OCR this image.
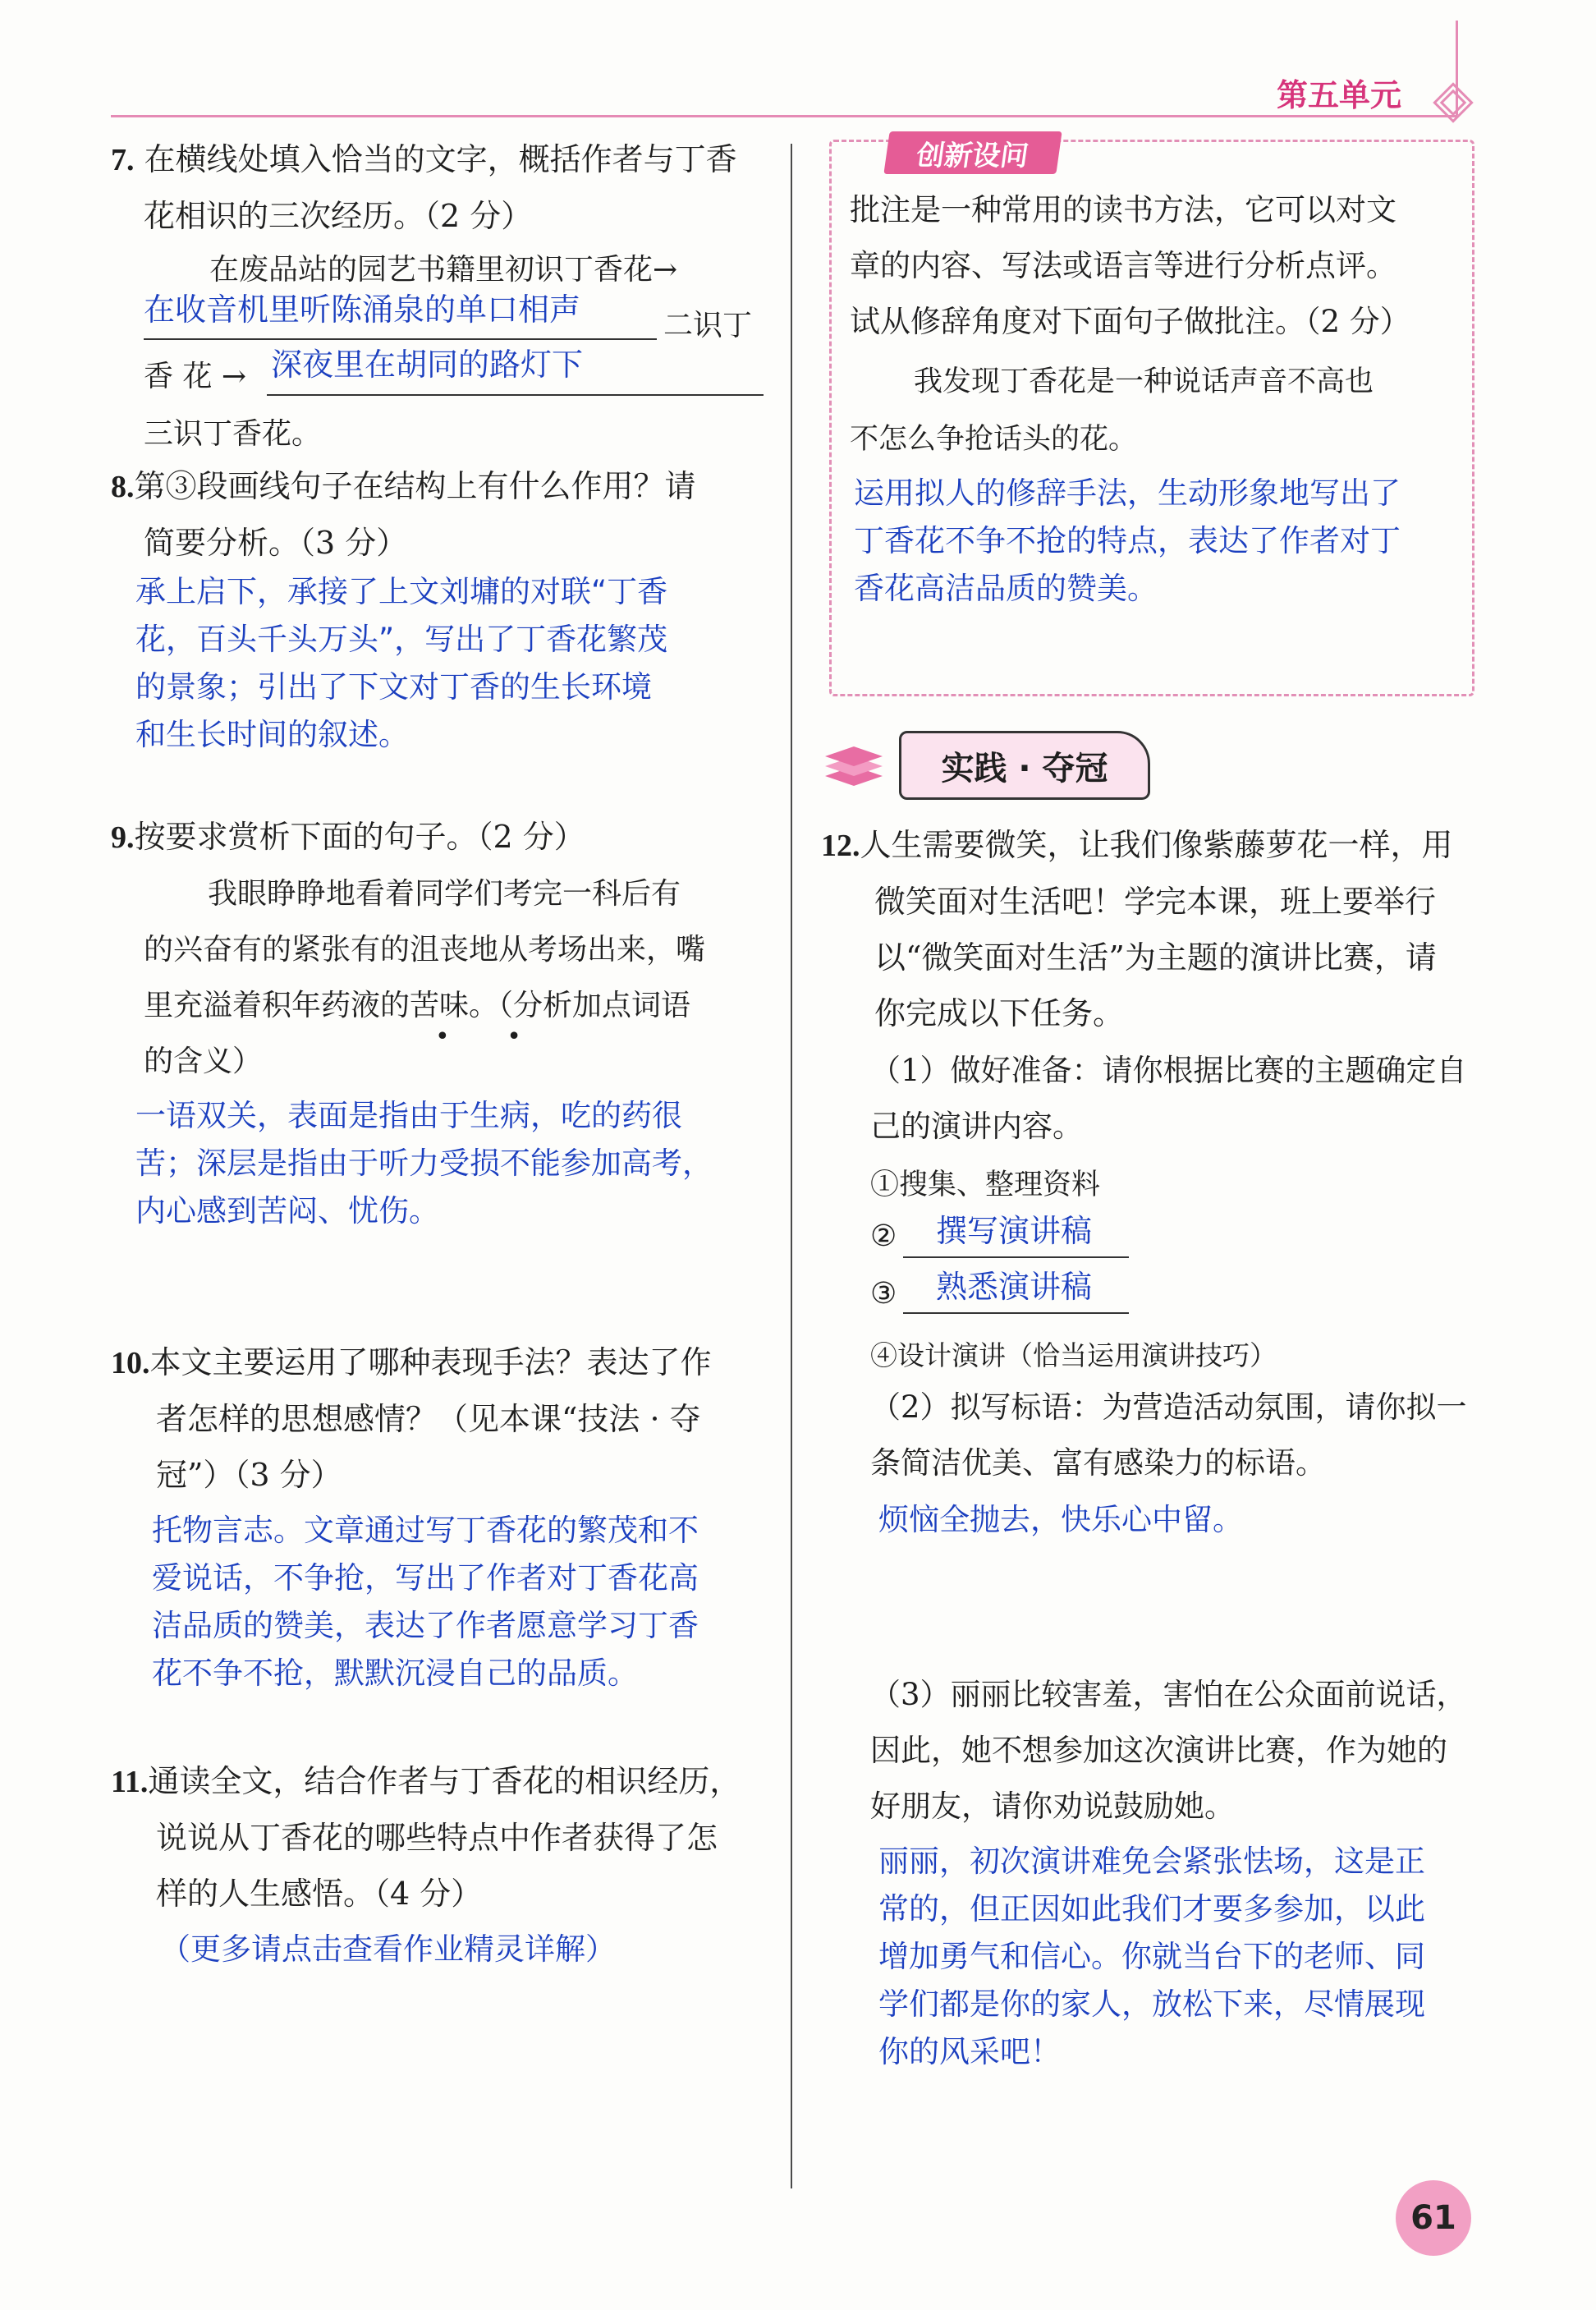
第五单元
7. 在横线处填入恰当的文字，概括作者与丁香
花相识的三次经历。（2 分）
在废品站的园艺书籍里初识丁香花→
在收音机里听陈涌泉的单口相声	二识丁
香 花 → 深夜里在胡同的路灯下
三识丁香花。
8.第③段画线句子在结构上有什么作用？请
简要分析。（3 分）
承上启下，承接了上文刘墉的对联“丁香
花，百头千头万头”，写出了丁香花繁茂
的景象；引出了下文对丁香的生长环境
和生长时间的叙述。
9.按要求赏析下面的句子。（2 分）
我眼睁睁地看着同学们考完一科后有
的兴奋有的紧张有的沮丧地从考场出来，嘴
里充溢着积年药液的苦味。（分析加点词语
的含义）
• •
一语双关，表面是指由于生病，吃的药很
苦；深层是指由于听力受损不能参加高考，
内心感到苦闷、忧伤。
10.本文主要运用了哪种表现手法？表达了作
者怎样的思想感情？（见本课“技法 · 夺
冠”）（3 分）
托物言志。文章通过写丁香花的繁茂和不
爱说话，不争抢，写出了作者对丁香花高
洁品质的赞美，表达了作者愿意学习丁香
花不争不抢，默默沉浸自己的品质。
11.通读全文，结合作者与丁香花的相识经历，
说说从丁香花的哪些特点中作者获得了怎
样的人生感悟。（4 分）
（更多请点击查看作业精灵详解）
创新设问
批注是一种常用的读书方法，它可以对文
章的内容、写法或语言等进行分析点评。
试从修辞角度对下面句子做批注。（2 分）
我发现丁香花是一种说话声音不高也
不怎么争抢话头的花。
运用拟人的修辞手法，生动形象地写出了
丁香花不争不抢的特点，表达了作者对丁
香花高洁品质的赞美。
实践 · 夺冠
12.人生需要微笑，让我们像紫藤萝花一样，用
微笑面对生活吧！学完本课，班上要举行
以“微笑面对生活”为主题的演讲比赛，请
你完成以下任务。
（1）做好准备：请你根据比赛的主题确定自
己的演讲内容。
①搜集、整理资料
② 撰写演讲稿
③ 熟悉演讲稿
④设计演讲（恰当运用演讲技巧）
（2）拟写标语：为营造活动氛围，请你拟一
条简洁优美、富有感染力的标语。
烦恼全抛去，快乐心中留。
（3）丽丽比较害羞，害怕在公众面前说话，
因此，她不想参加这次演讲比赛，作为她的
好朋友，请你劝说鼓励她。
丽丽，初次演讲难免会紧张怯场，这是正
常的，但正因如此我们才要多参加，以此
增加勇气和信心。你就当台下的老师、同
学们都是你的家人，放松下来，尽情展现
你的风采吧！
61
